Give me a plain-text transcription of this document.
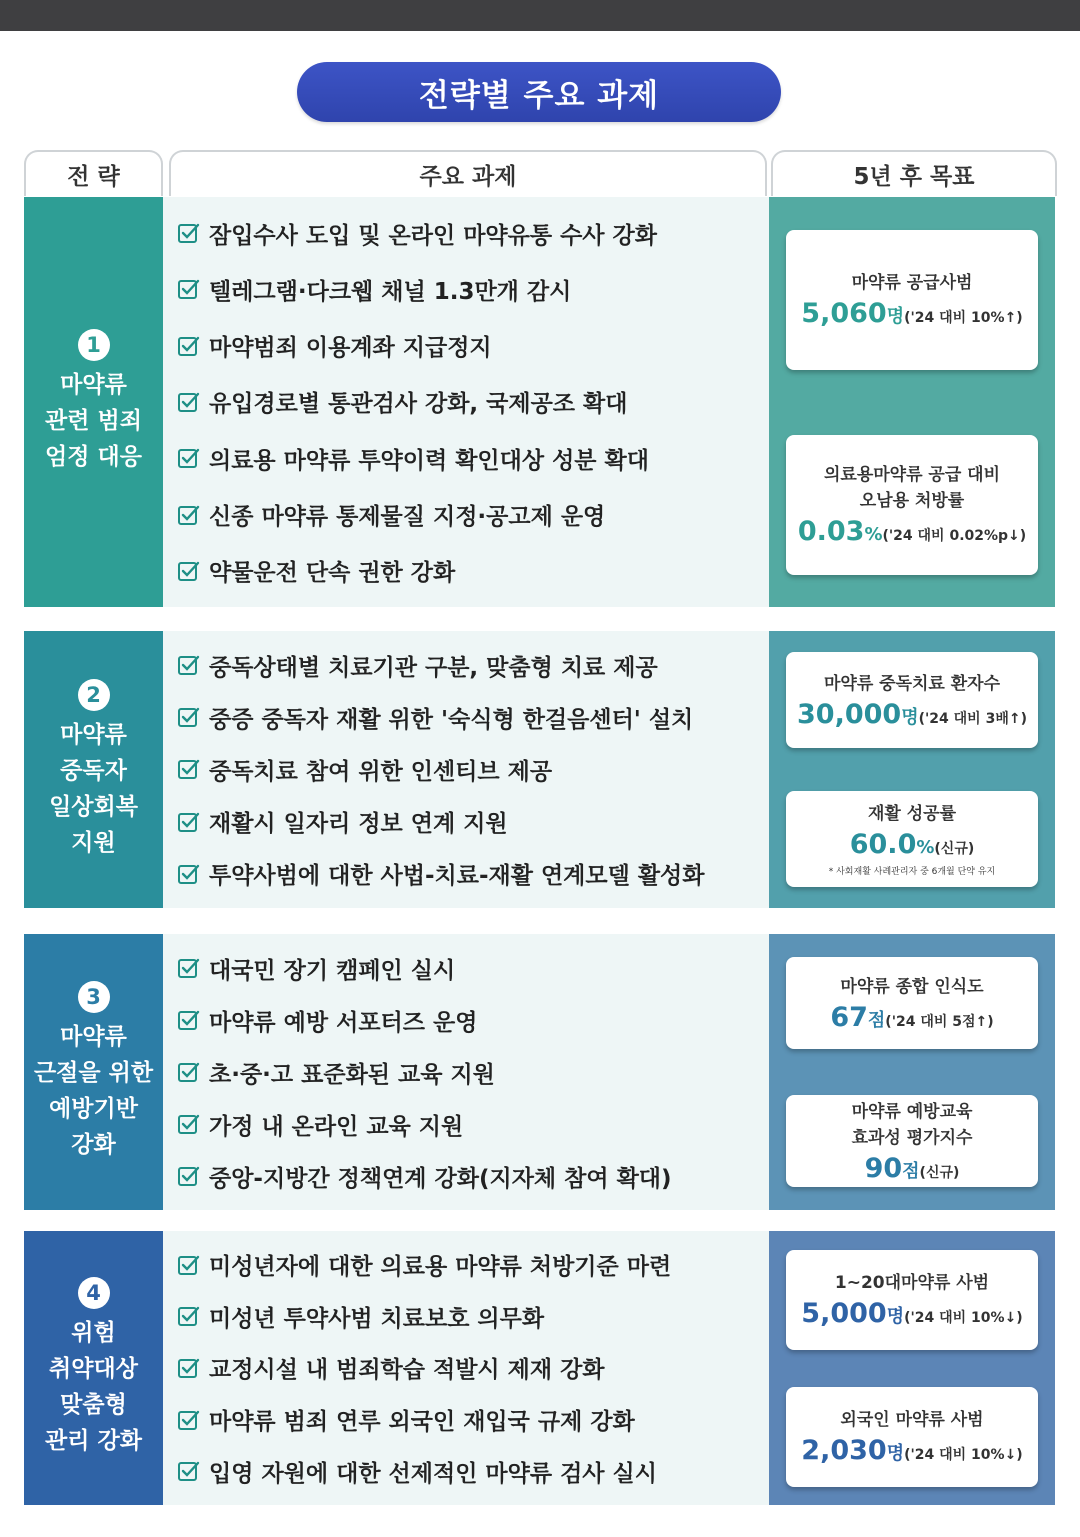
전략별 주요 과제
전 략	주요 과제	5년 후 목표
1
마약류
관련 범죄
엄정 대응
잠입수사 도입 및 온라인 마약유통 수사 강화
텔레그램·다크웹 채널 1.3만개 감시
마약범죄 이용계좌 지급정지
유입경로별 통관검사 강화, 국제공조 확대
의료용 마약류 투약이력 확인대상 성분 확대
신종 마약류 통제물질 지정·공고제 운영
약물운전 단속 권한 강화
마약류 공급사범
5,060명('24 대비 10%↑)
의료용마약류 공급 대비
오남용 처방률
0.03%('24 대비 0.02%p↓)
2
마약류
중독자
일상회복
지원
중독상태별 치료기관 구분, 맞춤형 치료 제공
중증 중독자 재활 위한 '숙식형 한걸음센터' 설치
중독치료 참여 위한 인센티브 제공
재활시 일자리 정보 연계 지원
투약사범에 대한 사법-치료-재활 연계모델 활성화
마약류 중독치료 환자수
30,000명('24 대비 3배↑)
재활 성공률
60.0%(신규)
* 사회재활 사례관리자 중 6개월 단약 유지
3
마약류
근절을 위한
예방기반
강화
대국민 장기 캠페인 실시
마약류 예방 서포터즈 운영
초·중·고 표준화된 교육 지원
가정 내 온라인 교육 지원
중앙-지방간 정책연계 강화(지자체 참여 확대)
마약류 종합 인식도
67점('24 대비 5점↑)
마약류 예방교육
효과성 평가지수
90점(신규)
4
위험
취약대상
맞춤형
관리 강화
미성년자에 대한 의료용 마약류 처방기준 마련
미성년 투약사범 치료보호 의무화
교정시설 내 범죄학습 적발시 제재 강화
마약류 범죄 연루 외국인 재입국 규제 강화
입영 자원에 대한 선제적인 마약류 검사 실시
1~20대마약류 사범
5,000명('24 대비 10%↓)
외국인 마약류 사범
2,030명('24 대비 10%↓)
